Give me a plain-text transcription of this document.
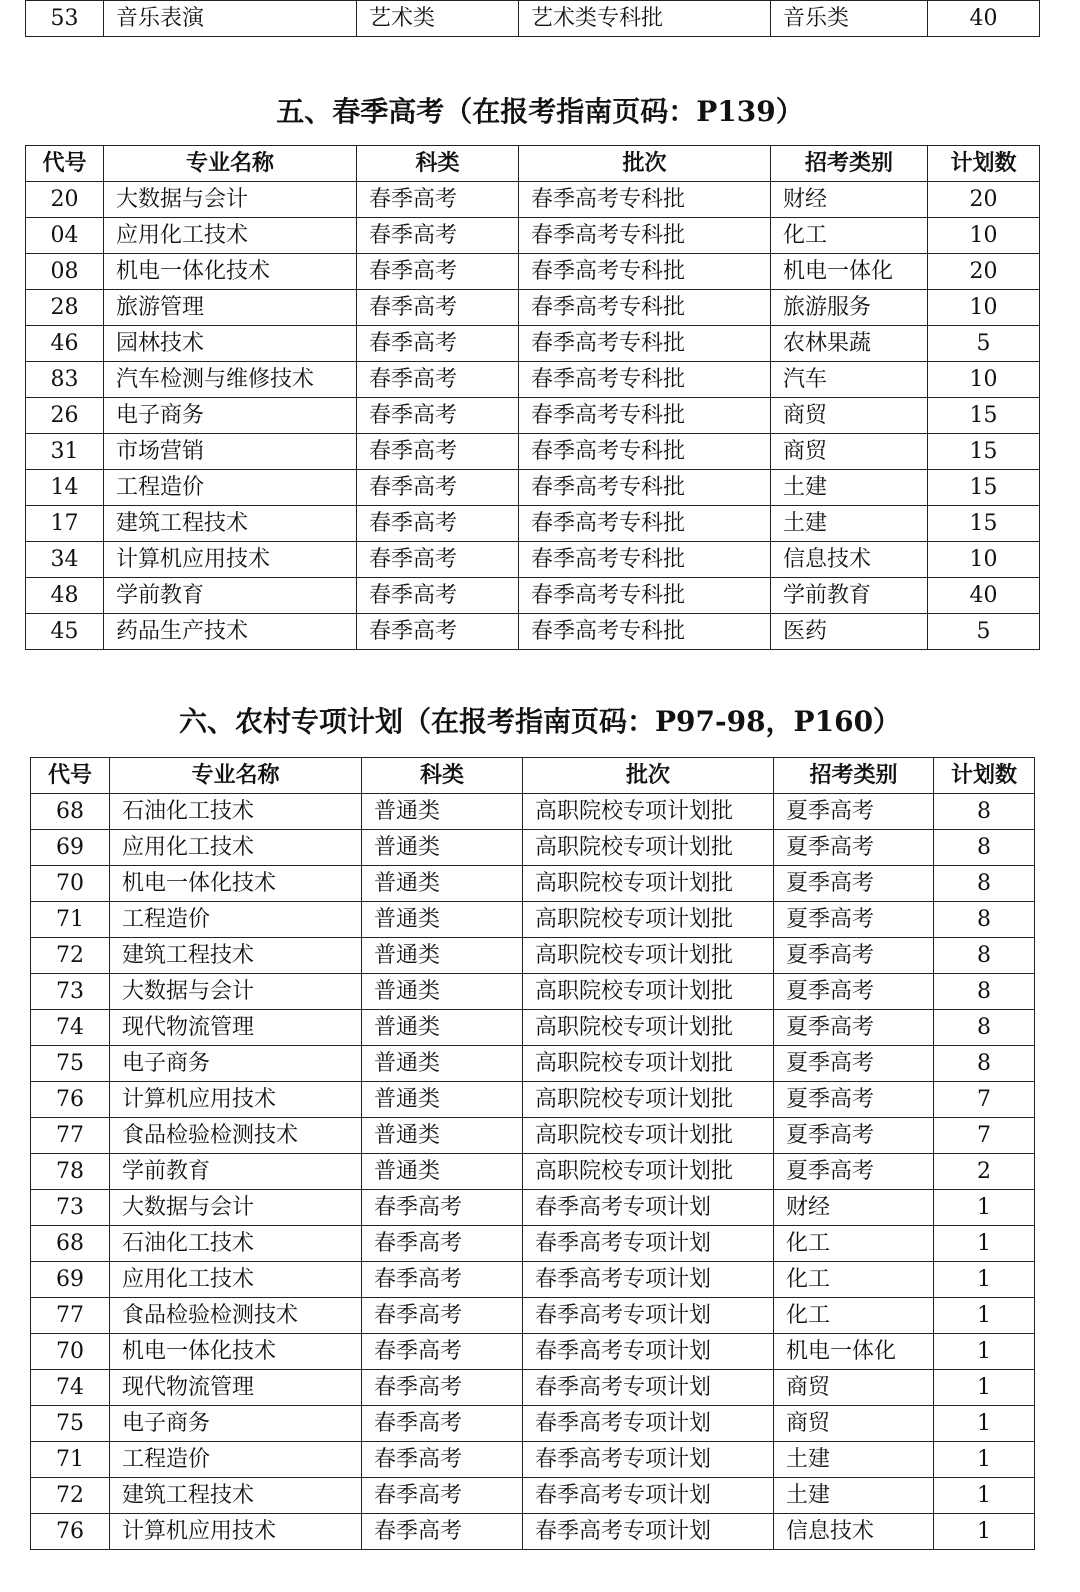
53	音乐表演	艺术类	艺术类专科批	音乐类	40
五、春季高考（在报考指南页码：P139）
代号	专业名称	科类	批次	招考类别	计划数
20	大数据与会计	春季高考	春季高考专科批	财经	20
04	应用化工技术	春季高考	春季高考专科批	化工	10
08	机电一体化技术	春季高考	春季高考专科批	机电一体化	20
28	旅游管理	春季高考	春季高考专科批	旅游服务	10
46	园林技术	春季高考	春季高考专科批	农林果蔬	5
83	汽车检测与维修技术	春季高考	春季高考专科批	汽车	10
26	电子商务	春季高考	春季高考专科批	商贸	15
31	市场营销	春季高考	春季高考专科批	商贸	15
14	工程造价	春季高考	春季高考专科批	土建	15
17	建筑工程技术	春季高考	春季高考专科批	土建	15
34	计算机应用技术	春季高考	春季高考专科批	信息技术	10
48	学前教育	春季高考	春季高考专科批	学前教育	40
45	药品生产技术	春季高考	春季高考专科批	医药	5
六、农村专项计划（在报考指南页码：P97-98，P160）
代号	专业名称	科类	批次	招考类别	计划数
68	石油化工技术	普通类	高职院校专项计划批	夏季高考	8
69	应用化工技术	普通类	高职院校专项计划批	夏季高考	8
70	机电一体化技术	普通类	高职院校专项计划批	夏季高考	8
71	工程造价	普通类	高职院校专项计划批	夏季高考	8
72	建筑工程技术	普通类	高职院校专项计划批	夏季高考	8
73	大数据与会计	普通类	高职院校专项计划批	夏季高考	8
74	现代物流管理	普通类	高职院校专项计划批	夏季高考	8
75	电子商务	普通类	高职院校专项计划批	夏季高考	8
76	计算机应用技术	普通类	高职院校专项计划批	夏季高考	7
77	食品检验检测技术	普通类	高职院校专项计划批	夏季高考	7
78	学前教育	普通类	高职院校专项计划批	夏季高考	2
73	大数据与会计	春季高考	春季高考专项计划	财经	1
68	石油化工技术	春季高考	春季高考专项计划	化工	1
69	应用化工技术	春季高考	春季高考专项计划	化工	1
77	食品检验检测技术	春季高考	春季高考专项计划	化工	1
70	机电一体化技术	春季高考	春季高考专项计划	机电一体化	1
74	现代物流管理	春季高考	春季高考专项计划	商贸	1
75	电子商务	春季高考	春季高考专项计划	商贸	1
71	工程造价	春季高考	春季高考专项计划	土建	1
72	建筑工程技术	春季高考	春季高考专项计划	土建	1
76	计算机应用技术	春季高考	春季高考专项计划	信息技术	1
